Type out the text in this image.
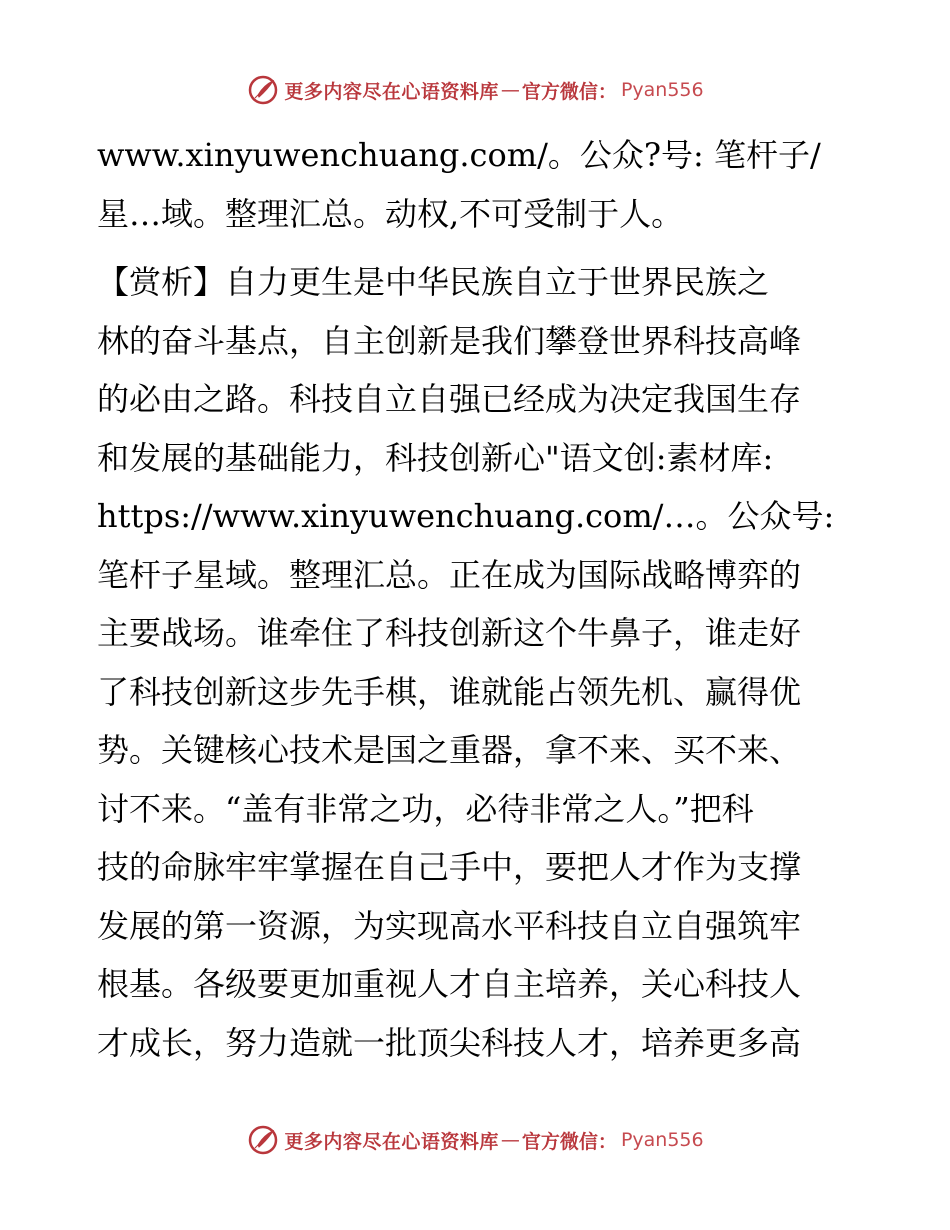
更多内容尽在心语资料库 — 官方微信： Pyan556
www.xinyuwenchuang.com/。公众?号: 笔杆子/
星…域。整理汇总。动权,不可受制于人。
【赏析】自力更生是中华民族自立于世界民族之
林的奋斗基点，自主创新是我们攀登世界科技高峰
的必由之路。科技自立自强已经成为决定我国生存
和发展的基础能力，科技创新心"语文创:素材库:
https://www.xinyuwenchuang.com/…。公众号:
笔杆子星域。整理汇总。正在成为国际战略博弈的
主要战场。谁牵住了科技创新这个牛鼻子，谁走好
了科技创新这步先手棋，谁就能占领先机、赢得优
势。关键核心技术是国之重器，拿不来、买不来、
讨不来。“盖有非常之功，必待非常之人。”把科
技的命脉牢牢掌握在自己手中，要把人才作为支撑
发展的第一资源，为实现高水平科技自立自强筑牢
根基。各级要更加重视人才自主培养，关心科技人
才成长，努力造就一批顶尖科技人才，培养更多高
更多内容尽在心语资料库 — 官方微信： Pyan556
